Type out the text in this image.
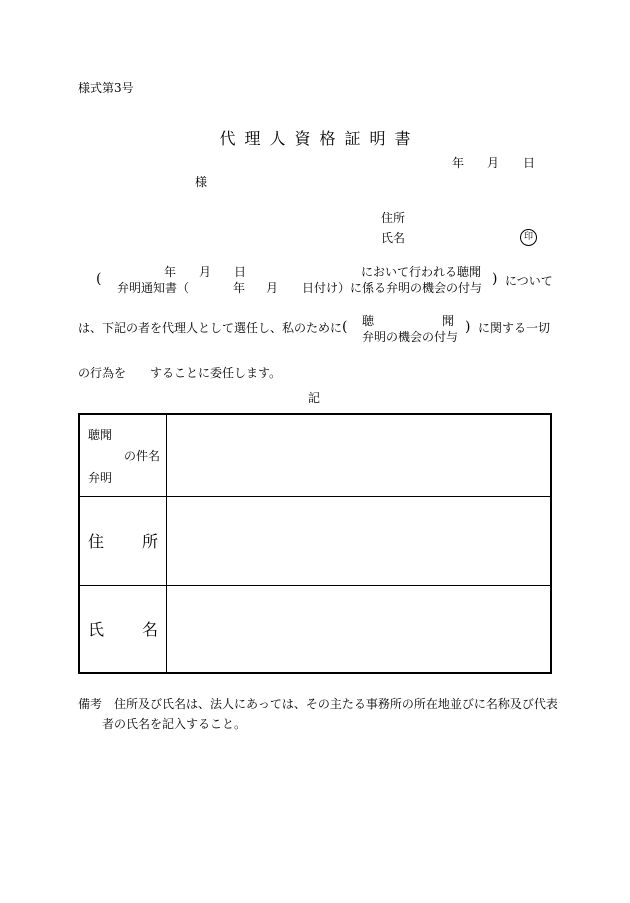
様式第3号
代理人資格証明書
年 月 日
様
住所
氏名	印
(	年 月 日	において行われる聴聞
弁明通知書（	年 月 日付け）に係る弁明の機会の付与
) について
は、下記の者を代理人として選任し、私のために ( 聴	聞
弁明の機会の付与
) に関する一切
の行為を　　することに委任します。
記
聴聞
の件名
弁明	

住 所	

氏 名	

備考 住所及び氏名は、法人にあっては、その主たる事務所の所在地並びに名称及び代表
者の氏名を記入すること。
